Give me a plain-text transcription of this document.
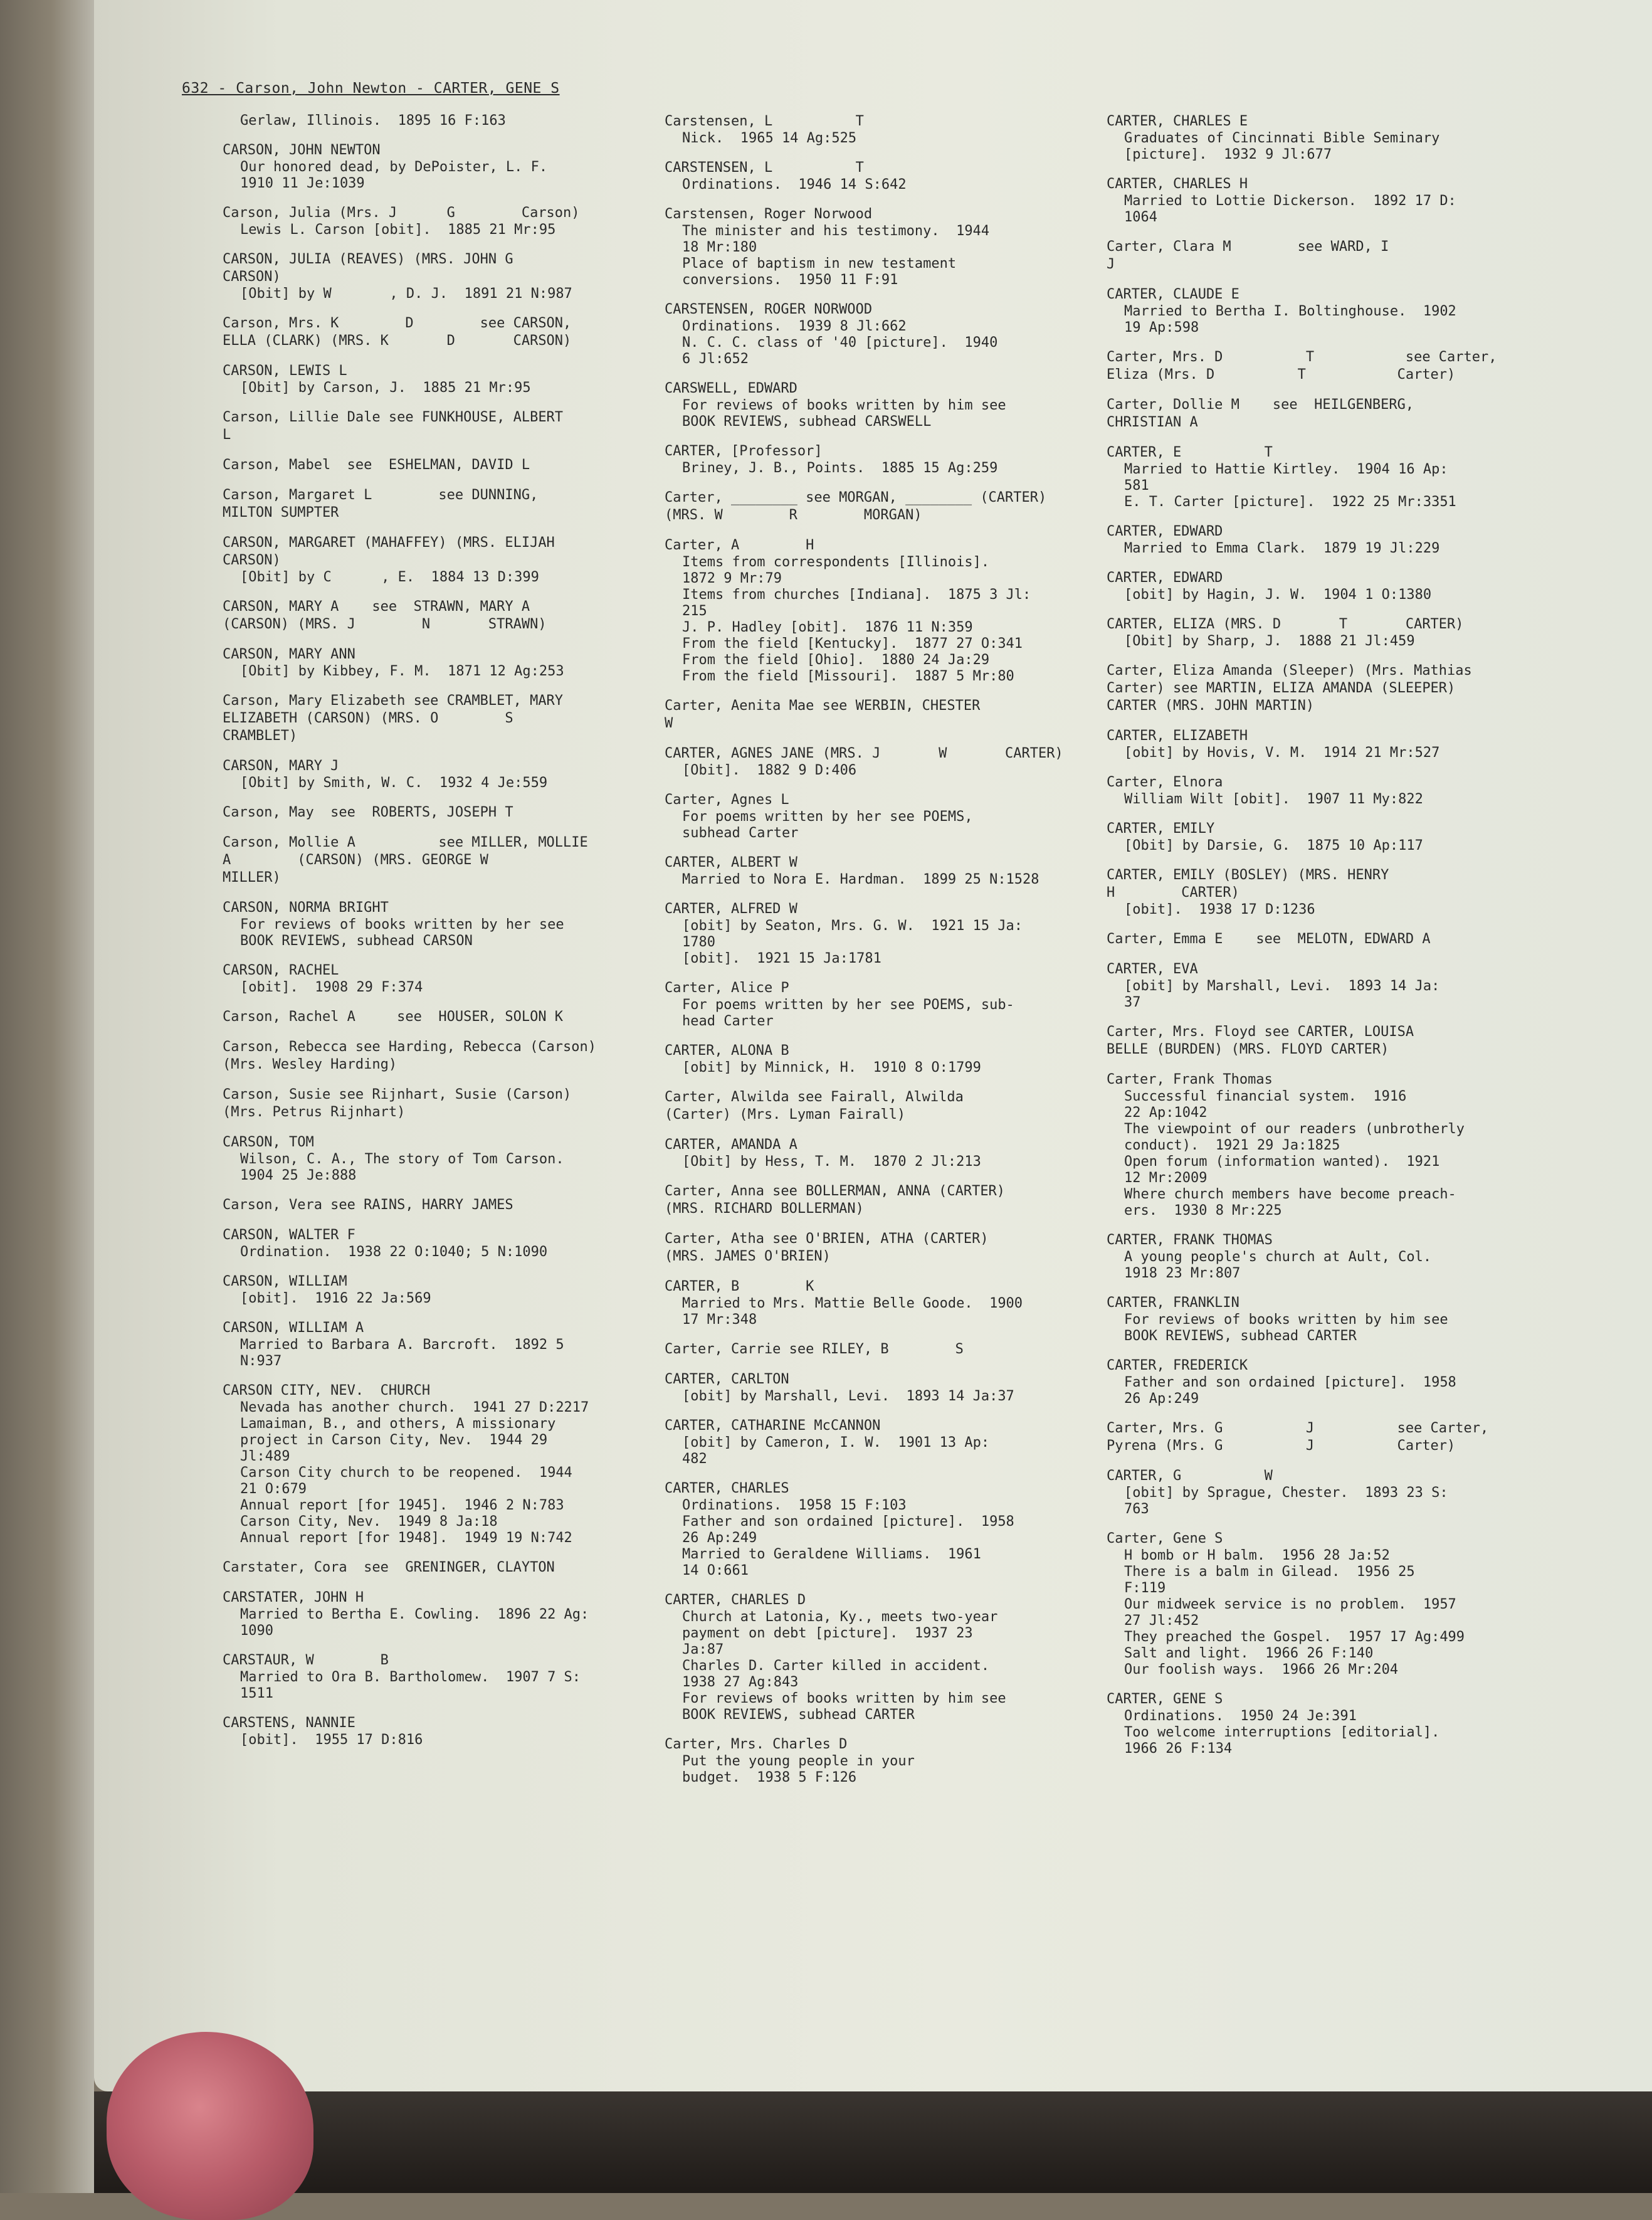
632 - Carson, John Newton - CARTER, GENE S
Gerlaw, Illinois.  1895 16 F:163
CARSON, JOHN NEWTON
Our honored dead, by DePoister, L. F.
1910 11 Je:1039
Carson, Julia (Mrs. J      G        Carson)
Lewis L. Carson [obit].  1885 21 Mr:95
CARSON, JULIA (REAVES) (MRS. JOHN G
CARSON)
[Obit] by W       , D. J.  1891 21 N:987
Carson, Mrs. K        D        see CARSON,
ELLA (CLARK) (MRS. K       D       CARSON)
CARSON, LEWIS L
[Obit] by Carson, J.  1885 21 Mr:95
Carson, Lillie Dale see FUNKHOUSE, ALBERT
L
Carson, Mabel  see  ESHELMAN, DAVID L
Carson, Margaret L        see DUNNING,
MILTON SUMPTER
CARSON, MARGARET (MAHAFFEY) (MRS. ELIJAH
CARSON)
[Obit] by C      , E.  1884 13 D:399
CARSON, MARY A    see  STRAWN, MARY A
(CARSON) (MRS. J        N       STRAWN)
CARSON, MARY ANN
[Obit] by Kibbey, F. M.  1871 12 Ag:253
Carson, Mary Elizabeth see CRAMBLET, MARY
ELIZABETH (CARSON) (MRS. O        S
CRAMBLET)
CARSON, MARY J
[Obit] by Smith, W. C.  1932 4 Je:559
Carson, May  see  ROBERTS, JOSEPH T
Carson, Mollie A          see MILLER, MOLLIE
A        (CARSON) (MRS. GEORGE W
MILLER)
CARSON, NORMA BRIGHT
For reviews of books written by her see
BOOK REVIEWS, subhead CARSON
CARSON, RACHEL
[obit].  1908 29 F:374
Carson, Rachel A     see  HOUSER, SOLON K
Carson, Rebecca see Harding, Rebecca (Carson)
(Mrs. Wesley Harding)
Carson, Susie see Rijnhart, Susie (Carson)
(Mrs. Petrus Rijnhart)
CARSON, TOM
Wilson, C. A., The story of Tom Carson.
1904 25 Je:888
Carson, Vera see RAINS, HARRY JAMES
CARSON, WALTER F
Ordination.  1938 22 O:1040; 5 N:1090
CARSON, WILLIAM
[obit].  1916 22 Ja:569
CARSON, WILLIAM A
Married to Barbara A. Barcroft.  1892 5
N:937
CARSON CITY, NEV.  CHURCH
Nevada has another church.  1941 27 D:2217
Lamaiman, B., and others, A missionary
project in Carson City, Nev.  1944 29
Jl:489
Carson City church to be reopened.  1944
21 O:679
Annual report [for 1945].  1946 2 N:783
Carson City, Nev.  1949 8 Ja:18
Annual report [for 1948].  1949 19 N:742
Carstater, Cora  see  GRENINGER, CLAYTON
CARSTATER, JOHN H
Married to Bertha E. Cowling.  1896 22 Ag:
1090
CARSTAUR, W        B
Married to Ora B. Bartholomew.  1907 7 S:
1511
CARSTENS, NANNIE
[obit].  1955 17 D:816
Carstensen, L          T
Nick.  1965 14 Ag:525
CARSTENSEN, L          T
Ordinations.  1946 14 S:642
Carstensen, Roger Norwood
The minister and his testimony.  1944
18 Mr:180
Place of baptism in new testament
conversions.  1950 11 F:91
CARSTENSEN, ROGER NORWOOD
Ordinations.  1939 8 Jl:662
N. C. C. class of '40 [picture].  1940
6 Jl:652
CARSWELL, EDWARD
For reviews of books written by him see
BOOK REVIEWS, subhead CARSWELL
CARTER, [Professor]
Briney, J. B., Points.  1885 15 Ag:259
Carter, ________ see MORGAN, ________ (CARTER)
(MRS. W        R        MORGAN)
Carter, A        H
Items from correspondents [Illinois].
1872 9 Mr:79
Items from churches [Indiana].  1875 3 Jl:
215
J. P. Hadley [obit].  1876 11 N:359
From the field [Kentucky].  1877 27 O:341
From the field [Ohio].  1880 24 Ja:29
From the field [Missouri].  1887 5 Mr:80
Carter, Aenita Mae see WERBIN, CHESTER
W
CARTER, AGNES JANE (MRS. J       W       CARTER)
[Obit].  1882 9 D:406
Carter, Agnes L
For poems written by her see POEMS,
subhead Carter
CARTER, ALBERT W
Married to Nora E. Hardman.  1899 25 N:1528
CARTER, ALFRED W
[obit] by Seaton, Mrs. G. W.  1921 15 Ja:
1780
[obit].  1921 15 Ja:1781
Carter, Alice P
For poems written by her see POEMS, sub-
head Carter
CARTER, ALONA B
[obit] by Minnick, H.  1910 8 O:1799
Carter, Alwilda see Fairall, Alwilda
(Carter) (Mrs. Lyman Fairall)
CARTER, AMANDA A
[Obit] by Hess, T. M.  1870 2 Jl:213
Carter, Anna see BOLLERMAN, ANNA (CARTER)
(MRS. RICHARD BOLLERMAN)
Carter, Atha see O'BRIEN, ATHA (CARTER)
(MRS. JAMES O'BRIEN)
CARTER, B        K
Married to Mrs. Mattie Belle Goode.  1900
17 Mr:348
Carter, Carrie see RILEY, B        S
CARTER, CARLTON
[obit] by Marshall, Levi.  1893 14 Ja:37
CARTER, CATHARINE McCANNON
[obit] by Cameron, I. W.  1901 13 Ap:
482
CARTER, CHARLES
Ordinations.  1958 15 F:103
Father and son ordained [picture].  1958
26 Ap:249
Married to Geraldene Williams.  1961
14 O:661
CARTER, CHARLES D
Church at Latonia, Ky., meets two-year
payment on debt [picture].  1937 23
Ja:87
Charles D. Carter killed in accident.
1938 27 Ag:843
For reviews of books written by him see
BOOK REVIEWS, subhead CARTER
Carter, Mrs. Charles D
Put the young people in your
budget.  1938 5 F:126
CARTER, CHARLES E
Graduates of Cincinnati Bible Seminary
[picture].  1932 9 Jl:677
CARTER, CHARLES H
Married to Lottie Dickerson.  1892 17 D:
1064
Carter, Clara M        see WARD, I
J
CARTER, CLAUDE E
Married to Bertha I. Boltinghouse.  1902
19 Ap:598
Carter, Mrs. D          T           see Carter,
Eliza (Mrs. D          T           Carter)
Carter, Dollie M    see  HEILGENBERG,
CHRISTIAN A
CARTER, E          T
Married to Hattie Kirtley.  1904 16 Ap:
581
E. T. Carter [picture].  1922 25 Mr:3351
CARTER, EDWARD
Married to Emma Clark.  1879 19 Jl:229
CARTER, EDWARD
[obit] by Hagin, J. W.  1904 1 O:1380
CARTER, ELIZA (MRS. D       T       CARTER)
[Obit] by Sharp, J.  1888 21 Jl:459
Carter, Eliza Amanda (Sleeper) (Mrs. Mathias
Carter) see MARTIN, ELIZA AMANDA (SLEEPER)
CARTER (MRS. JOHN MARTIN)
CARTER, ELIZABETH
[obit] by Hovis, V. M.  1914 21 Mr:527
Carter, Elnora
William Wilt [obit].  1907 11 My:822
CARTER, EMILY
[Obit] by Darsie, G.  1875 10 Ap:117
CARTER, EMILY (BOSLEY) (MRS. HENRY
H        CARTER)
[obit].  1938 17 D:1236
Carter, Emma E    see  MELOTN, EDWARD A
CARTER, EVA
[obit] by Marshall, Levi.  1893 14 Ja:
37
Carter, Mrs. Floyd see CARTER, LOUISA
BELLE (BURDEN) (MRS. FLOYD CARTER)
Carter, Frank Thomas
Successful financial system.  1916
22 Ap:1042
The viewpoint of our readers (unbrotherly
conduct).  1921 29 Ja:1825
Open forum (information wanted).  1921
12 Mr:2009
Where church members have become preach-
ers.  1930 8 Mr:225
CARTER, FRANK THOMAS
A young people's church at Ault, Col.
1918 23 Mr:807
CARTER, FRANKLIN
For reviews of books written by him see
BOOK REVIEWS, subhead CARTER
CARTER, FREDERICK
Father and son ordained [picture].  1958
26 Ap:249
Carter, Mrs. G          J          see Carter,
Pyrena (Mrs. G          J          Carter)
CARTER, G          W
[obit] by Sprague, Chester.  1893 23 S:
763
Carter, Gene S
H bomb or H balm.  1956 28 Ja:52
There is a balm in Gilead.  1956 25
F:119
Our midweek service is no problem.  1957
27 Jl:452
They preached the Gospel.  1957 17 Ag:499
Salt and light.  1966 26 F:140
Our foolish ways.  1966 26 Mr:204
CARTER, GENE S
Ordinations.  1950 24 Je:391
Too welcome interruptions [editorial].
1966 26 F:134
